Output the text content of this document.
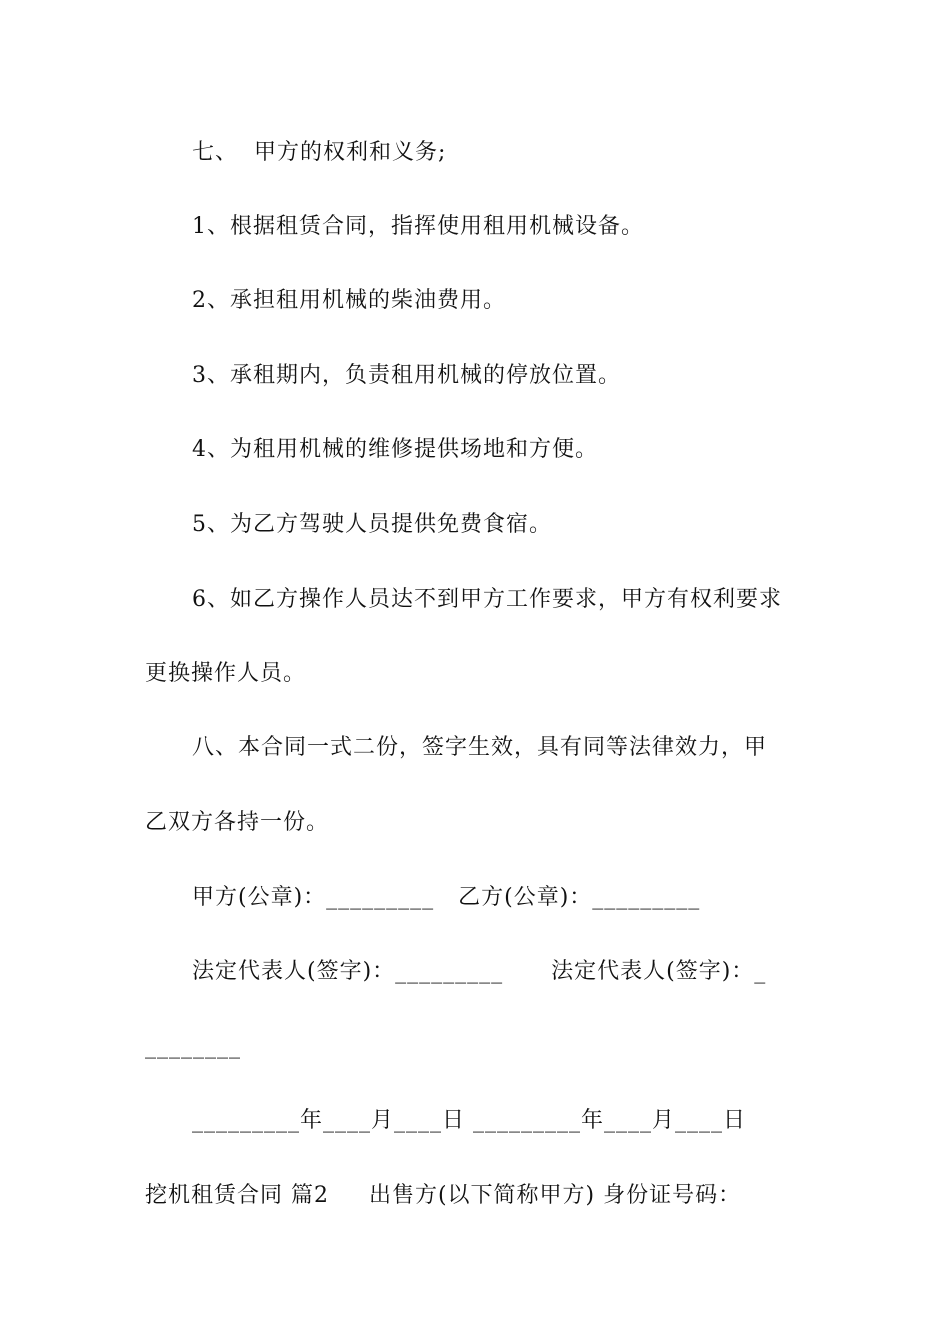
七、  甲方的权利和义务;
1、根据租赁合同，指挥使用租用机械设备。
2、承担租用机械的柴油费用。
3、承租期内，负责租用机械的停放位置。
4、为租用机械的维修提供场地和方便。
5、为乙方驾驶人员提供免费食宿。
6、如乙方操作人员达不到甲方工作要求，甲方有权利要求
更换操作人员。
八、本合同一式二份，签字生效，具有同等法律效力，甲
乙双方各持一份。
甲方(公章)：_________   乙方(公章)：_________
法定代表人(签字)：_________      法定代表人(签字)：_
________
_________年____月____日 _________年____月____日
挖机租赁合同 篇2     出售方(以下简称甲方) 身份证号码：
